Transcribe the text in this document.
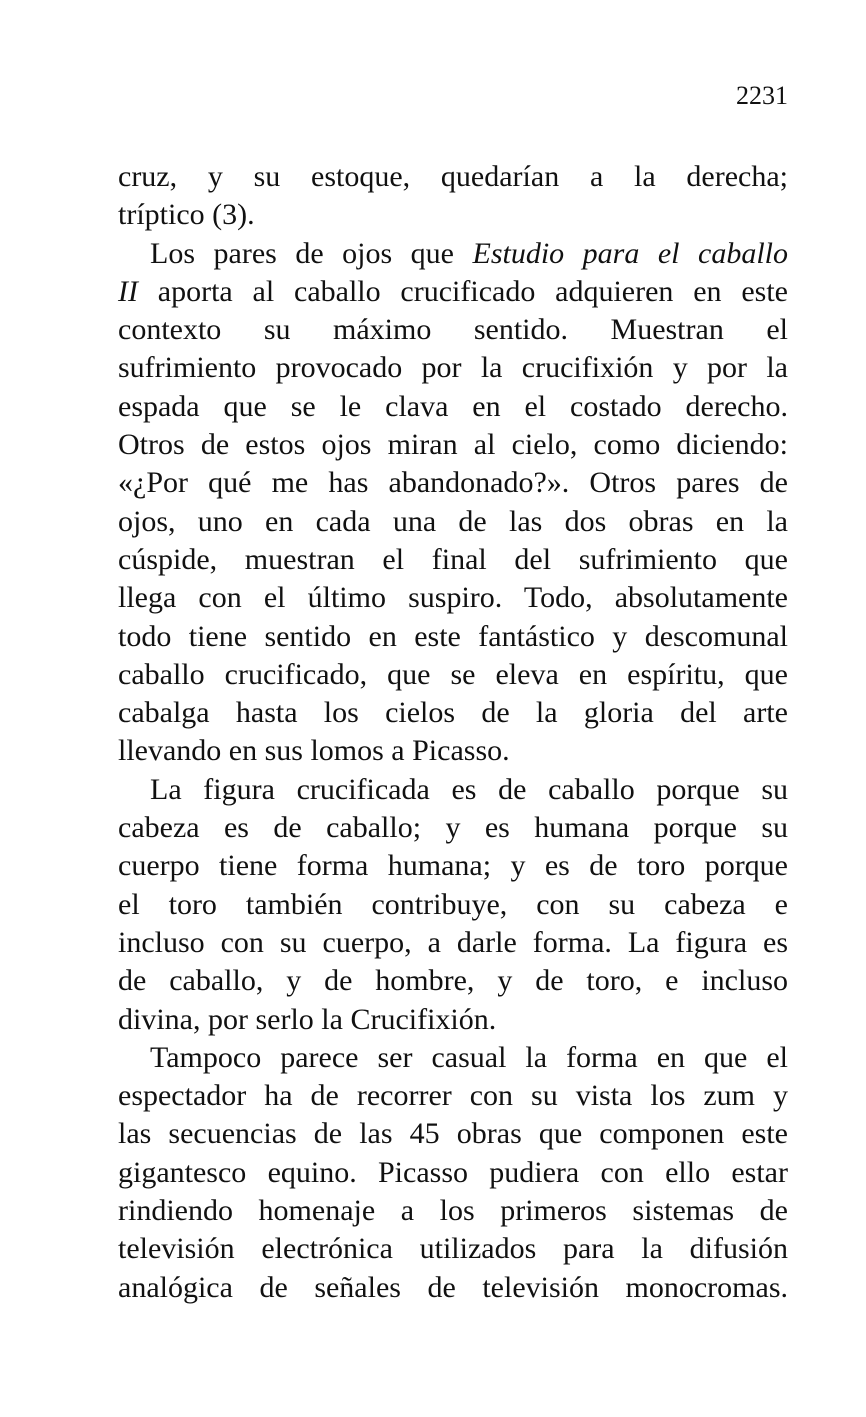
2231
cruz, y su estoque, quedarían a la derecha;
tríptico (3).
Los pares de ojos que Estudio para el caballo
II aporta al caballo crucificado adquieren en este
contexto su máximo sentido. Muestran el
sufrimiento provocado por la crucifixión y por la
espada que se le clava en el costado derecho.
Otros de estos ojos miran al cielo, como diciendo:
«¿Por qué me has abandonado?». Otros pares de
ojos, uno en cada una de las dos obras en la
cúspide, muestran el final del sufrimiento que
llega con el último suspiro. Todo, absolutamente
todo tiene sentido en este fantástico y descomunal
caballo crucificado, que se eleva en espíritu, que
cabalga hasta los cielos de la gloria del arte
llevando en sus lomos a Picasso.
La figura crucificada es de caballo porque su
cabeza es de caballo; y es humana porque su
cuerpo tiene forma humana; y es de toro porque
el toro también contribuye, con su cabeza e
incluso con su cuerpo, a darle forma. La figura es
de caballo, y de hombre, y de toro, e incluso
divina, por serlo la Crucifixión.
Tampoco parece ser casual la forma en que el
espectador ha de recorrer con su vista los zum y
las secuencias de las 45 obras que componen este
gigantesco equino. Picasso pudiera con ello estar
rindiendo homenaje a los primeros sistemas de
televisión electrónica utilizados para la difusión
analógica de señales de televisión monocromas.
